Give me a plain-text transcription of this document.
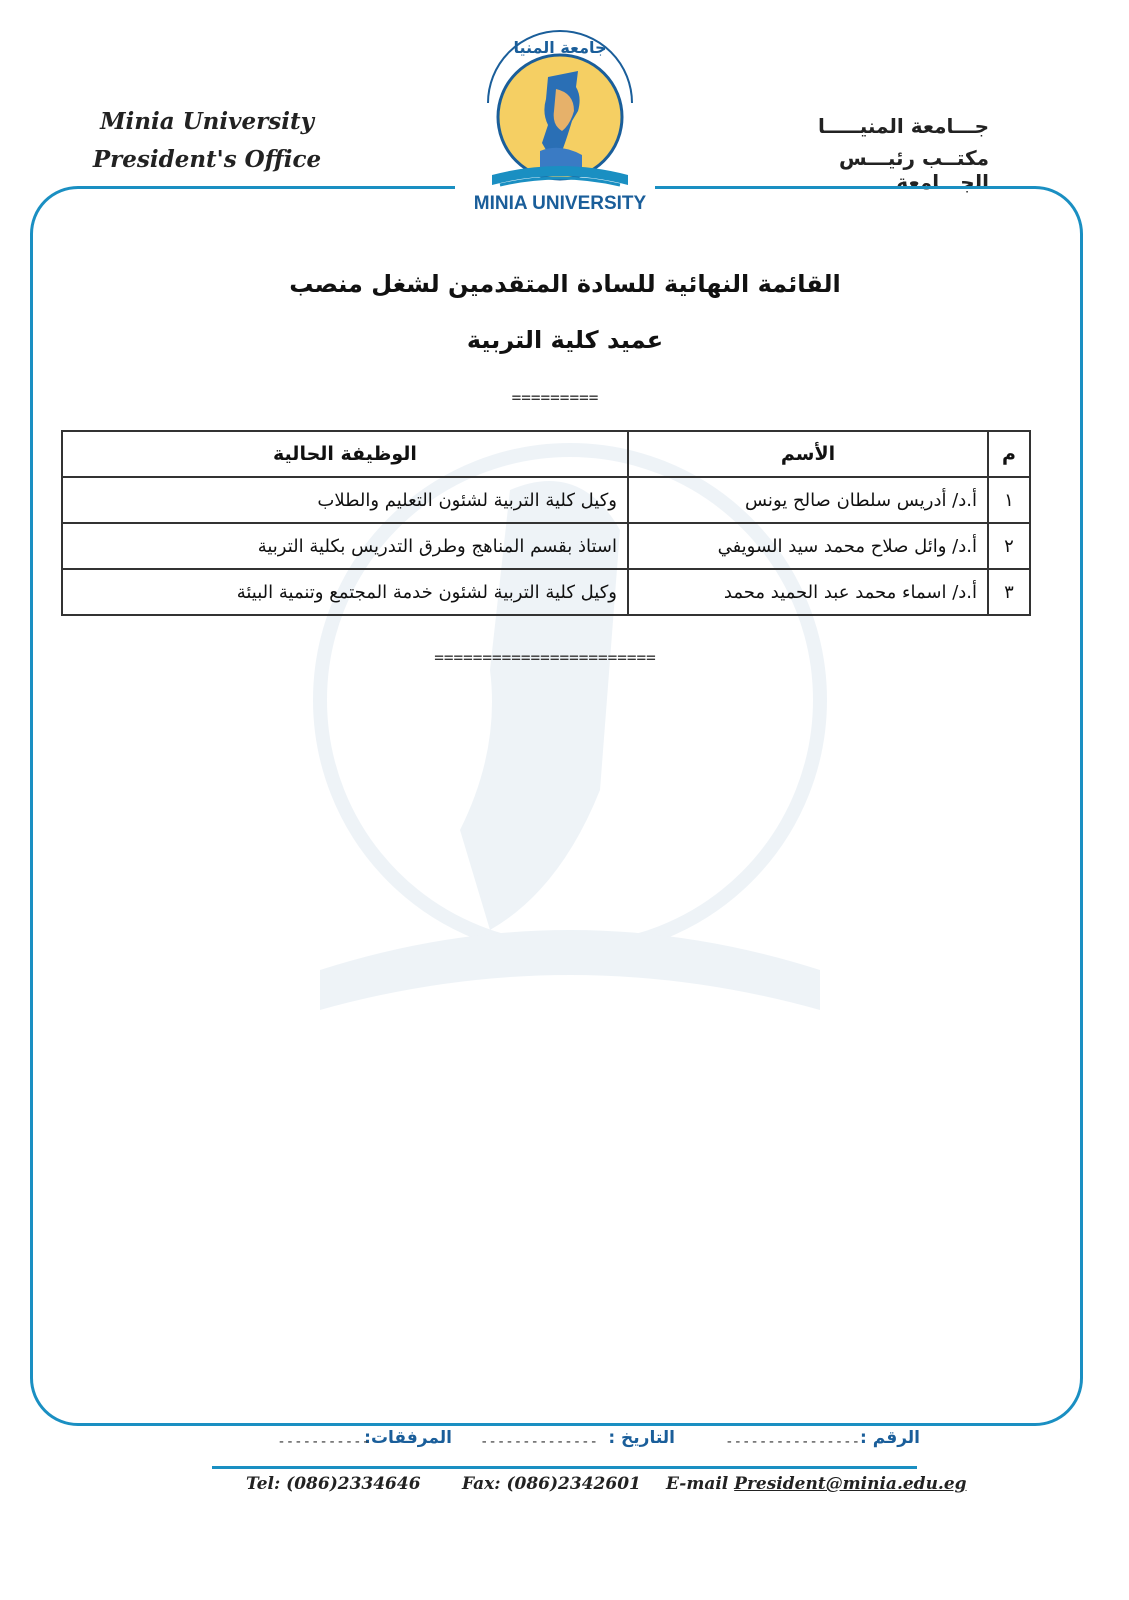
Minia University
President's Office
جـــامعة المنيـــــا
مكتــب رئيـــس الجـــامعة
جامعة المنيا
MINIA UNIVERSITY
القائمة النهائية للسادة المتقدمين لشغل منصب
عميد كلية التربية
=========
م	الأسم	الوظيفة الحالية
١	أ.د/ أدريس سلطان صالح يونس	وكيل كلية التربية لشئون التعليم والطلاب
٢	أ.د/ وائل صلاح محمد سيد السويفي	استاذ بقسم المناهج وطرق التدريس بكلية التربية
٣	أ.د/ اسماء محمد عبد الحميد محمد	وكيل كلية التربية لشئون خدمة المجتمع وتنمية البيئة
=======================
الرقم :
----------------
التاريخ :
--------------
المرفقات:
-----------
Tel: (086)2334646 Fax: (086)2342601 E-mail President@minia.edu.eg
